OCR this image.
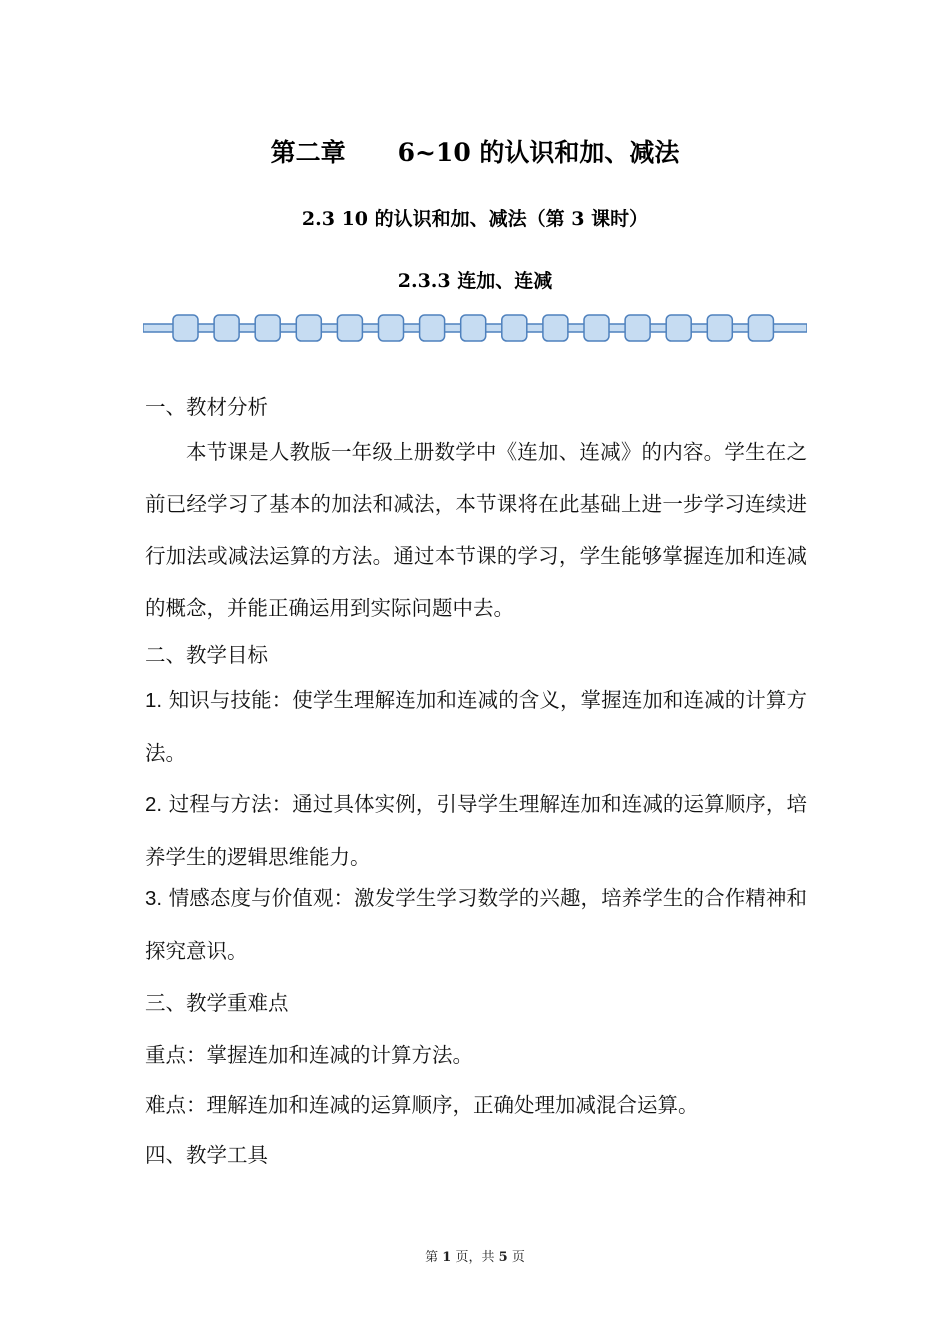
第二章 6~10 的认识和加、减法
2.3 10 的认识和加、减法（第 3 课时）
2.3.3 连加、连减
一、教材分析
本节课是人教版一年级上册数学中《连加、连减》的内容。学生在之前已经学习了基本的加法和减法，本节课将在此基础上进一步学习连续进行加法或减法运算的方法。通过本节课的学习，学生能够掌握连加和连减的概念，并能正确运用到实际问题中去。
二、教学目标
1. 知识与技能：使学生理解连加和连减的含义，掌握连加和连减的计算方法。
2. 过程与方法：通过具体实例，引导学生理解连加和连减的运算顺序，培养学生的逻辑思维能力。
3. 情感态度与价值观：激发学生学习数学的兴趣，培养学生的合作精神和探究意识。
三、教学重难点
重点：掌握连加和连减的计算方法。
难点：理解连加和连减的运算顺序，正确处理加减混合运算。
四、教学工具
第 1 页，共 5 页
